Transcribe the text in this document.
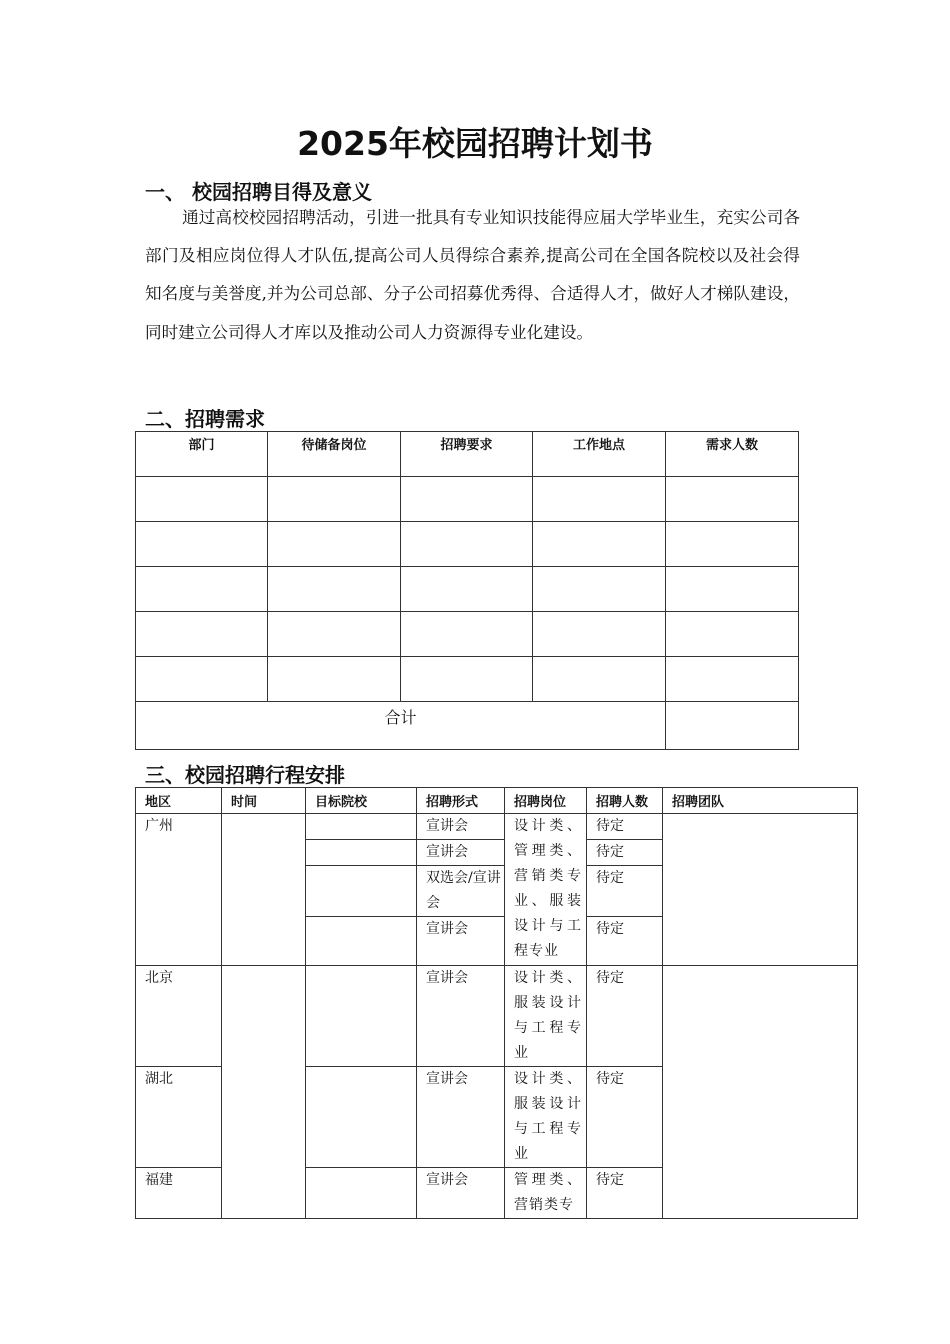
2025年校园招聘计划书
一、 校园招聘目得及意义

通过高校校园招聘活动，引进一批具有专业知识技能得应届大学毕业生，充实公司各部门及相应岗位得人才队伍,提高公司人员得综合素养,提高公司在全国各院校以及社会得知名度与美誉度,并为公司总部、分子公司招募优秀得、合适得人才，做好人才梯队建设，同时建立公司得人才库以及推动公司人力资源得专业化建设。

二、招聘需求
部门	待储备岗位	招聘要求	工作地点	需求人数

合计				
三、校园招聘行程安排
地区	时间	目标院校	招聘形式	招聘岗位	招聘人数	招聘团队
广州			宣讲会	设计类、管理类、营销类专业、服装设计与工程专业	待定	
			宣讲会		待定	
			双选会/宣讲会		待定	
			宣讲会		待定	
北京			宣讲会	设计类、服装设计与工程专业	待定	
湖北			宣讲会	设计类、服装设计与工程专业	待定	
福建			宣讲会	管理类、营销类专	待定	
